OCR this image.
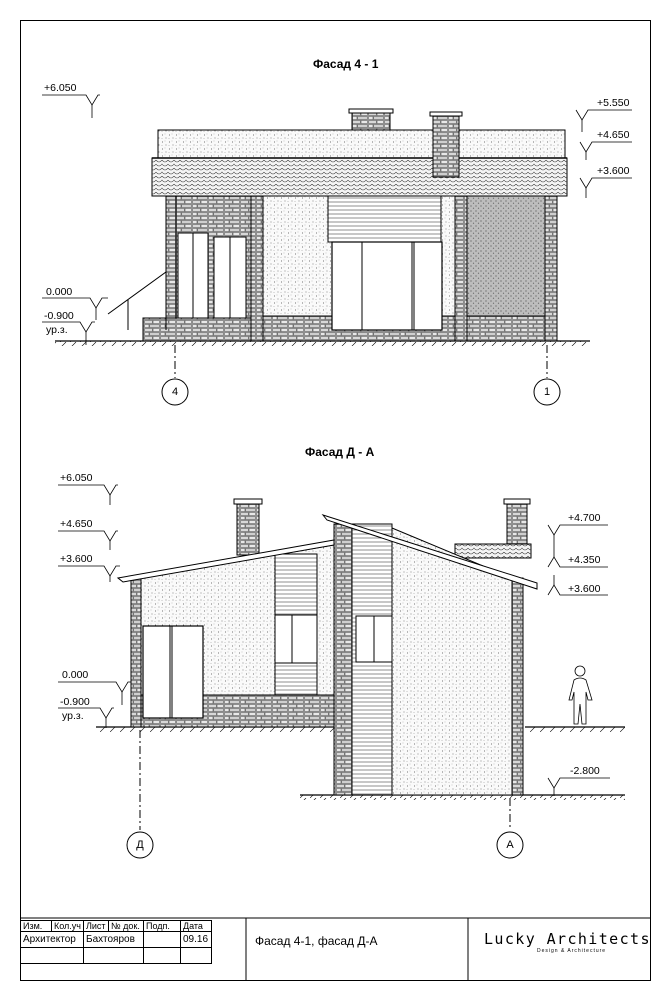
Фасад 4 - 1
Фасад Д - А
+6.050
0.000
-0.900
ур.з.
+5.550
+4.650
+3.600
4	1
+6.050
+4.650
+3.600
0.000
-0.900
ур.з.
+4.700
+4.350
+3.600
-2.800
Д	А
Изм.	Кол.уч	Лист	№ док.	Подп.	Дата
Архитектор		Бахтояров			09.16
				Фасад 4-1, фасад Д-А	Lucky Architects
Design & Architecture
